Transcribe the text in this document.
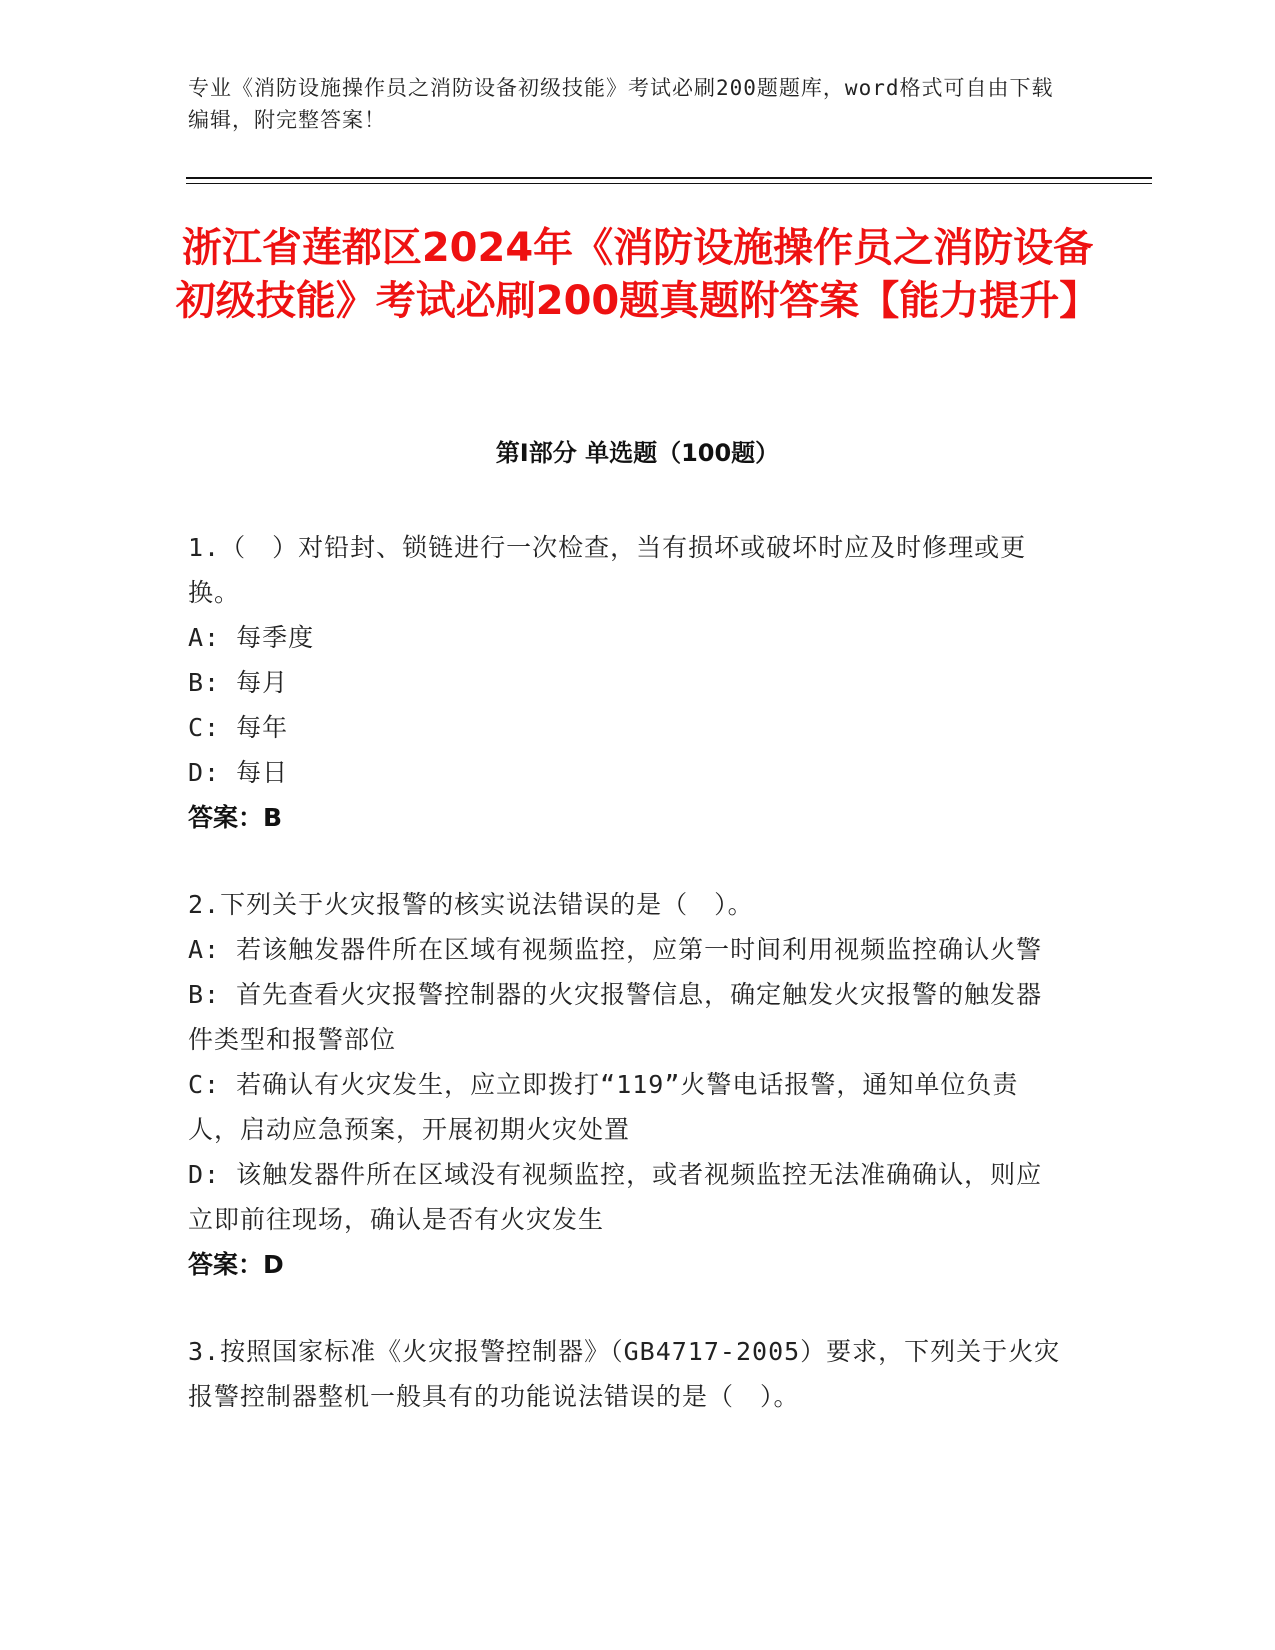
专业《消防设施操作员之消防设备初级技能》考试必刷200题题库，word格式可自由下载编辑，附完整答案！
浙江省莲都区2024年《消防设施操作员之消防设备初级技能》考试必刷200题真题附答案【能力提升】
第Ⅰ部分 单选题（100题）
1.（　）对铅封、锁链进行一次检查，当有损坏或破坏时应及时修理或更换。
A: 每季度
B: 每月
C: 每年
D: 每日
答案：B
2.下列关于火灾报警的核实说法错误的是（　）。
A: 若该触发器件所在区域有视频监控，应第一时间利用视频监控确认火警
B: 首先查看火灾报警控制器的火灾报警信息，确定触发火灾报警的触发器件类型和报警部位
C: 若确认有火灾发生，应立即拨打“119”火警电话报警，通知单位负责人，启动应急预案，开展初期火灾处置
D: 该触发器件所在区域没有视频监控，或者视频监控无法准确确认，则应立即前往现场，确认是否有火灾发生
答案：D
3.按照国家标准《火灾报警控制器》（GB4717-2005）要求，下列关于火灾报警控制器整机一般具有的功能说法错误的是（　）。
